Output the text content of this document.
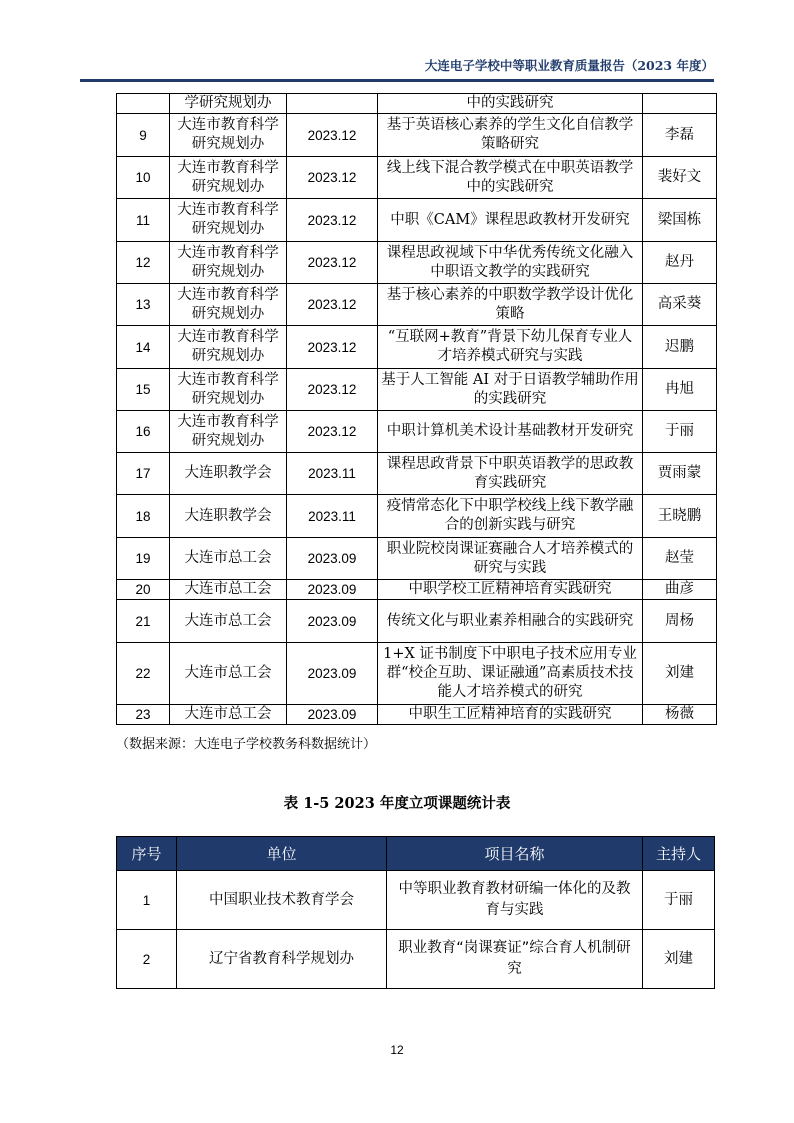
大连电子学校中等职业教育质量报告（2023 年度）
	学研究规划办		中的实践研究	
9	大连市教育科学研究规划办	2023.12	基于英语核心素养的学生文化自信教学策略研究	李磊
10	大连市教育科学研究规划办	2023.12	线上线下混合教学模式在中职英语教学中的实践研究	裴好文
11	大连市教育科学研究规划办	2023.12	中职《CAM》课程思政教材开发研究	梁国栋
12	大连市教育科学研究规划办	2023.12	课程思政视域下中华优秀传统文化融入中职语文教学的实践研究	赵丹
13	大连市教育科学研究规划办	2023.12	基于核心素养的中职数学教学设计优化策略	高采葵
14	大连市教育科学研究规划办	2023.12	“互联网+教育”背景下幼儿保育专业人才培养模式研究与实践	迟鹏
15	大连市教育科学研究规划办	2023.12	基于人工智能 AI 对于日语教学辅助作用的实践研究	冉旭
16	大连市教育科学研究规划办	2023.12	中职计算机美术设计基础教材开发研究	于丽
17	大连职教学会	2023.11	课程思政背景下中职英语教学的思政教育实践研究	贾雨蒙
18	大连职教学会	2023.11	疫情常态化下中职学校线上线下教学融合的创新实践与研究	王晓鹏
19	大连市总工会	2023.09	职业院校岗课证赛融合人才培养模式的研究与实践	赵莹
20	大连市总工会	2023.09	中职学校工匠精神培育实践研究	曲彦
21	大连市总工会	2023.09	传统文化与职业素养相融合的实践研究	周杨
22	大连市总工会	2023.09	1+X 证书制度下中职电子技术应用专业群“校企互助、课证融通”高素质技术技能人才培养模式的研究	刘建
23	大连市总工会	2023.09	中职生工匠精神培育的实践研究	杨薇
（数据来源：大连电子学校教务科数据统计）
表 1-5 2023 年度立项课题统计表
序号	单位	项目名称	主持人
1	中国职业技术教育学会	中等职业教育教材研编一体化的及教育与实践	于丽
2	辽宁省教育科学规划办	职业教育“岗课赛证”综合育人机制研究	刘建
12
